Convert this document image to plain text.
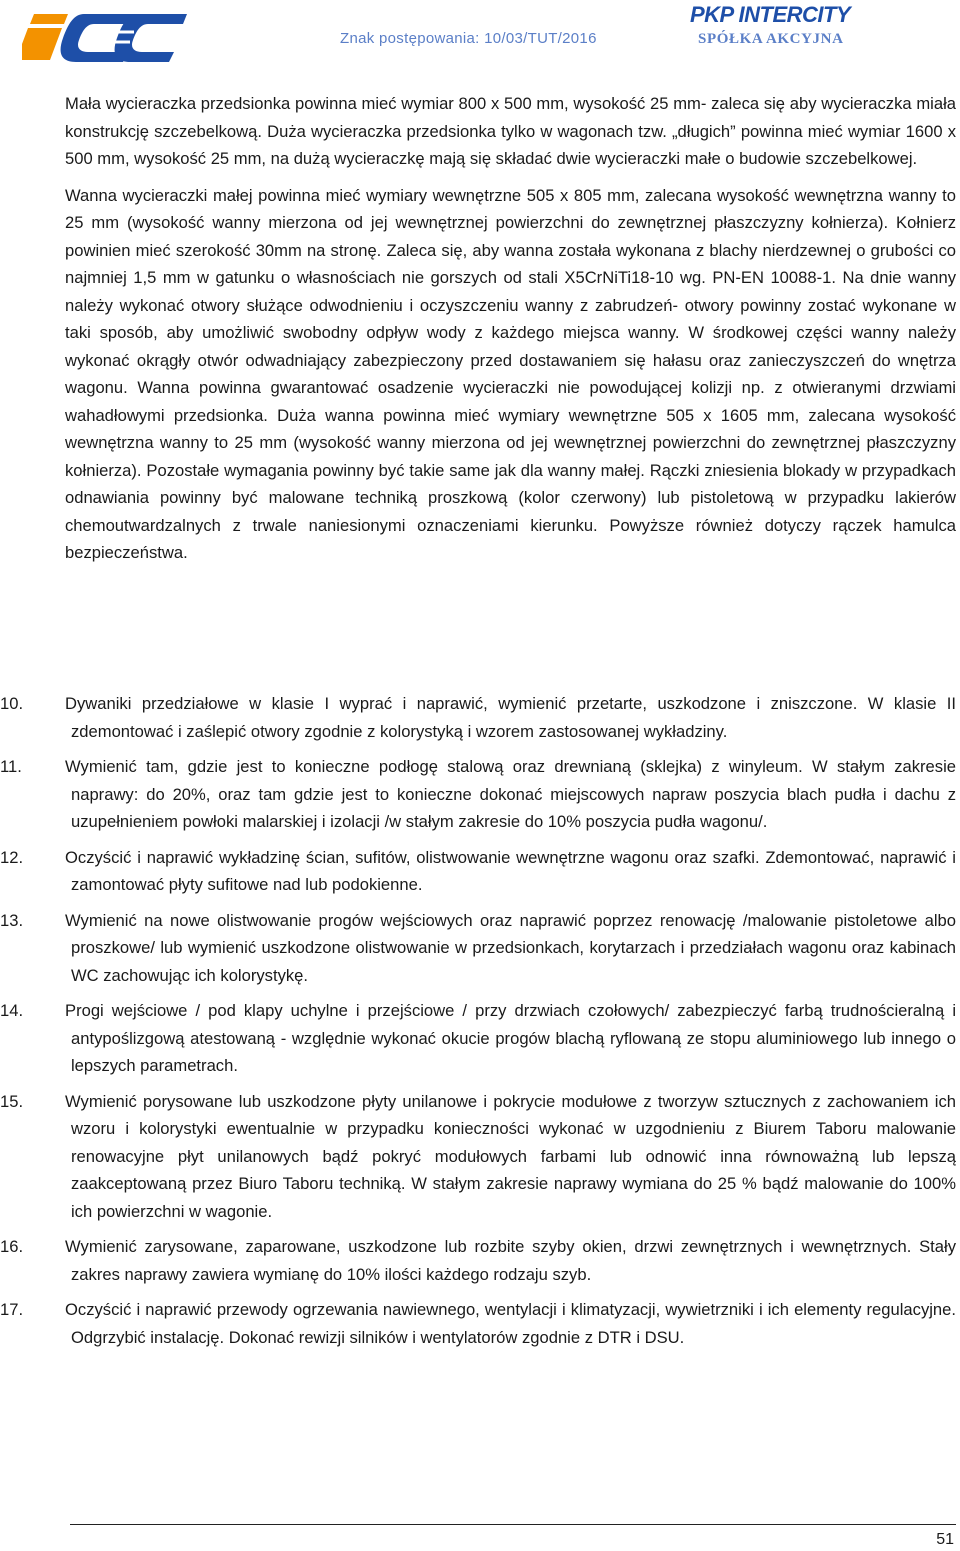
Znak postępowania: 10/03/TUT/2016
PKP INTERCITY
SPÓŁKA AKCYJNA

Mała wycieraczka przedsionka powinna mieć wymiar 800 x 500 mm, wysokość 25 mm- zaleca się aby wycieraczka miała konstrukcję szczebelkową. Duża wycieraczka przedsionka tylko w wagonach tzw. „długich” powinna mieć wymiar 1600 x 500 mm, wysokość 25 mm, na dużą wycieraczkę mają się składać dwie wycieraczki małe o budowie szczebelkowej.

Wanna wycieraczki małej powinna mieć wymiary wewnętrzne 505 x 805 mm, zalecana wysokość wewnętrzna wanny to 25 mm (wysokość wanny mierzona od jej wewnętrznej powierzchni do zewnętrznej płaszczyzny kołnierza). Kołnierz powinien mieć szerokość 30mm na stronę. Zaleca się, aby wanna została wykonana z blachy nierdzewnej o grubości co najmniej 1,5 mm w gatunku o własnościach nie gorszych od stali X5CrNiTi18-10 wg. PN-EN 10088-1. Na dnie wanny należy wykonać otwory służące odwodnieniu i oczyszczeniu wanny z zabrudzeń- otwory powinny zostać wykonane w taki sposób, aby umożliwić swobodny odpływ wody z każdego miejsca wanny. W środkowej części wanny należy wykonać okrągły otwór odwadniający zabezpieczony przed dostawaniem się hałasu oraz zanieczyszczeń do wnętrza wagonu. Wanna powinna gwarantować osadzenie wycieraczki nie powodującej kolizji np. z otwieranymi drzwiami wahadłowymi przedsionka. Duża wanna powinna mieć wymiary wewnętrzne 505 x 1605 mm, zalecana wysokość wewnętrzna wanny to 25 mm (wysokość wanny mierzona od jej wewnętrznej powierzchni do zewnętrznej płaszczyzny kołnierza). Pozostałe wymagania powinny być takie same jak dla wanny małej. Rączki zniesienia blokady w przypadkach odnawiania powinny być malowane techniką proszkową (kolor czerwony) lub pistoletową w przypadku lakierów chemoutwardzalnych z trwale naniesionymi oznaczeniami kierunku. Powyższe również dotyczy rączek hamulca bezpieczeństwa.

10.	Dywaniki przedziałowe w klasie I wyprać i naprawić, wymienić przetarte, uszkodzone i zniszczone. W klasie II zdemontować i zaślepić otwory zgodnie z kolorystyką i wzorem zastosowanej wykładziny.
11.	Wymienić tam, gdzie jest to konieczne podłogę stalową oraz drewnianą (sklejka) z winyleum. W stałym zakresie naprawy: do 20%, oraz tam gdzie jest to konieczne dokonać miejscowych napraw poszycia blach pudła i dachu z uzupełnieniem powłoki malarskiej i izolacji /w stałym zakresie do 10% poszycia pudła wagonu/.
12.	Oczyścić i naprawić wykładzinę ścian, sufitów, olistwowanie wewnętrzne wagonu oraz szafki. Zdemontować, naprawić i zamontować płyty sufitowe nad lub podokienne.
13.	Wymienić na nowe olistwowanie progów wejściowych oraz naprawić poprzez renowację /malowanie pistoletowe albo proszkowe/ lub wymienić uszkodzone olistwowanie w przedsionkach, korytarzach i przedziałach wagonu oraz kabinach WC zachowując ich kolorystykę.
14.	Progi wejściowe / pod klapy uchylne i przejściowe / przy drzwiach czołowych/ zabezpieczyć farbą trudnościeralną i antypoślizgową atestowaną - względnie wykonać okucie progów blachą ryflowaną ze stopu aluminiowego lub innego o lepszych parametrach.
15.	Wymienić porysowane lub uszkodzone płyty unilanowe i pokrycie modułowe z tworzyw sztucznych z zachowaniem ich wzoru i kolorystyki ewentualnie w przypadku konieczności wykonać w uzgodnieniu z Biurem Taboru malowanie renowacyjne płyt unilanowych bądź pokryć modułowych farbami lub odnowić inna równoważną lub lepszą zaakceptowaną przez Biuro Taboru techniką. W stałym zakresie naprawy wymiana do 25 % bądź malowanie do 100% ich powierzchni w wagonie.
16.	Wymienić zarysowane, zaparowane, uszkodzone lub rozbite szyby okien, drzwi zewnętrznych i wewnętrznych. Stały zakres naprawy zawiera wymianę do 10% ilości każdego rodzaju szyb.
17.	Oczyścić i naprawić przewody ogrzewania nawiewnego, wentylacji i klimatyzacji, wywietrzniki i ich elementy regulacyjne. Odgrzybić instalację. Dokonać rewizji silników i wentylatorów zgodnie z DTR i DSU.
51
